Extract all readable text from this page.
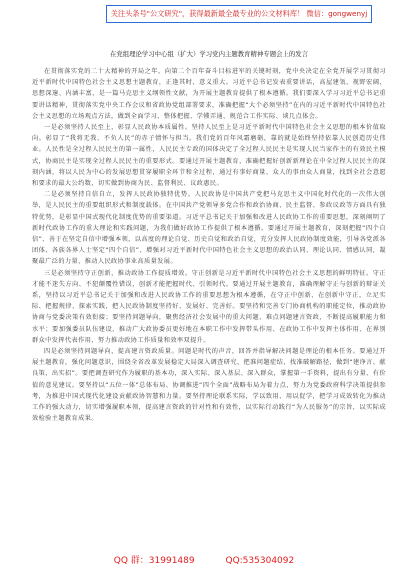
关注头条号"公文研究"，获得最新最全最专业的公文材料库！ 微信：gongwenyj
在党组理论学习中心组（扩大）学习党内主题教育精神专题会上的发言

在贯彻落实党的二十大精神的开局之年，向第二个百年奋斗目标进军的关键时刻，党中央决定在全党开展学习贯彻习近平新时代中国特色社会主义思想主题教育，正逢其时、意义重大。习近平总书记发表重要讲话，高屋建瓴、视野宏阔、思想深邃、内涵丰富，是一篇马克思主义纲领性文献，为开展主题教育提供了根本遵循。我们要深入学习习近平总书记重要讲话精神，贯彻落实党中央工作会议和省政协党组部署要求，准确把握“大个必须坚持”在内的习近平新时代中国特色社会主义思想的立场观点方法，做到全面学习、整体把握、学懂弄通、规范合工作实际、谈几点体会。

一是必须坚持人民至上，彰显人民政协本质属性。坚持人民至上是习近平新时代中国特色社会主义思想的根本价值取向。彰显了“我将无我、不负人民”的赤子情怀与担当。我们党的百年风霜磨砺，靠的就是始终坚持依靠人民创造历史伟业。人民性是全过程人民民主的第一属性，人民民主专政的国体决定了全过程人民民主是实现人民当家作主的有效民主模式，协商民主是实现全过程人民民主的重要形式。要通过开展主题教育，准确把握好创新新理论在中全过程人民民主的深刻内涵，将以人民为中心的发展思想贯穿履职全环节和全过程，通过有事好商量、众人的事由众人商量，找到全社会意愿和要求的最大公约数，切实做到协商为民、监督利民、议政惠民。

二是必须坚持自信自立，发挥人民政协独特优势。人民政协是中国共产党把马克思主义中国化时代化的一次伟大创举，是人民民主的重要组织形式和制度载体。在中国共产党领导多党合作和政治协商、民主监督、参政议政等方面具有独特优势，是彰显中国式现代化制度优势的重要渠道。习近平总书记关于加强和改进人民政协工作的重要思想，深刻阐明了新时代政协工作的重大理论和实践问题，为我们做好政协工作提供了根本遵循。要通过开展主题教育，深刻把握“四个自信”、善于在坚定自信中增强本领，以高度的理论自觉、历史自觉和政治自觉，充分发挥人民政协制度效能，引导各党派各团体、各族各界人士坚定“四个自信”、增强对习近平新时代中国特色社会主义思想的政治认同、理论认同、情感认同，凝聚最广泛的力量，推动人民政协事业高质量发展。

三是必须坚持守正创新，推动政协工作提质增效。守正创新是习近平新时代中国特色社会主义思想的鲜明特征。守正才能不迷失方向、不犯颠覆性错误，创新才能把握时代、引领时代。要通过开展主题教育，准确理解守正与创新的辩证关系，坚持以习近平总书记关于加强和改进人民政协工作的重要思想为根本遵循，在守正中创新、在创新中守正，立足实际、把握规律、探索实践，把人民政协制度坚持好、发展好、完善好。要坚持和完善专门协商机构的职能定位，推动政协协商与党委决策有效衔接；要坚持问题导向，聚焦经济社会发展中的重大问题、难点问题建言资政，不断提高履职能力和水平；要加强委员队伍建设，推动广大政协委员更好地在本职工作中发挥带头作用、在政协工作中发挥主体作用、在界别群众中发挥代表作用，努力推动政协工作质量和效率双提升。

四是必须坚持问题导向，提高建言资政质量。问题是时代的声音，回答并指导解决问题是理论的根本任务。要通过开展主题教育，强化问题意识，围绕全省改革发展稳定大局深入调查研究，把准问题症结，找准破解路径，做到“建诤言、献良策、出实招”。要把调查研究作为履职的基本功，深入实际、深入基层、深入群众，掌握第一手资料，提出有分量、有价值的意见建议。要坚持以“五位一体”总体布局、协调推进“四个全面”战略布局为着力点，努力为党委政府科学决策提供参考，为推进中国式现代化建设贡献政协智慧和力量。要坚持理论联系实际，学以致用、用以促学，把学习成效转化为推动工作的强大动力，切实增强履职本领，提高建言资政的针对性和有效性，以实际行动践行“为人民服务”的宗旨，以实际成效检验主题教育成果。

QQ 群：31991489	QQ:535304092
